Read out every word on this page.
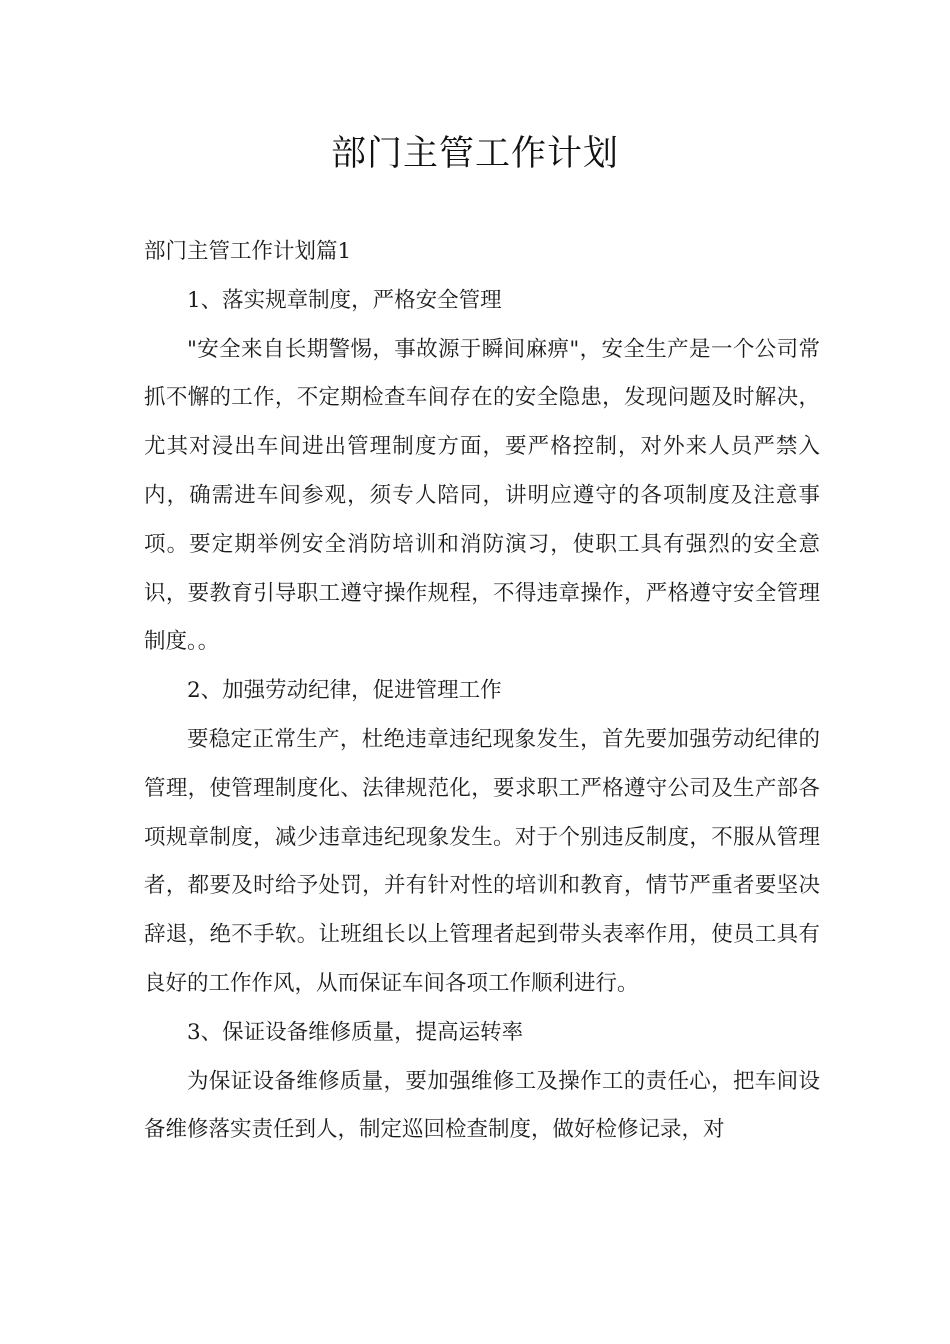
部门主管工作计划

部门主管工作计划篇1

1、落实规章制度，严格安全管理

"安全来自长期警惕，事故源于瞬间麻痹"，安全生产是一个公司常抓不懈的工作，不定期检查车间存在的安全隐患，发现问题及时解决，尤其对浸出车间进出管理制度方面，要严格控制，对外来人员严禁入内，确需进车间参观，须专人陪同，讲明应遵守的各项制度及注意事项。要定期举例安全消防培训和消防演习，使职工具有强烈的安全意识，要教育引导职工遵守操作规程，不得违章操作，严格遵守安全管理制度。。

2、加强劳动纪律，促进管理工作

要稳定正常生产，杜绝违章违纪现象发生，首先要加强劳动纪律的管理，使管理制度化、法律规范化，要求职工严格遵守公司及生产部各项规章制度，减少违章违纪现象发生。对于个别违反制度，不服从管理者，都要及时给予处罚，并有针对性的培训和教育，情节严重者要坚决辞退，绝不手软。让班组长以上管理者起到带头表率作用，使员工具有良好的工作作风，从而保证车间各项工作顺利进行。

3、保证设备维修质量，提高运转率

为保证设备维修质量，要加强维修工及操作工的责任心，把车间设备维修落实责任到人，制定巡回检查制度，做好检修记录，对
